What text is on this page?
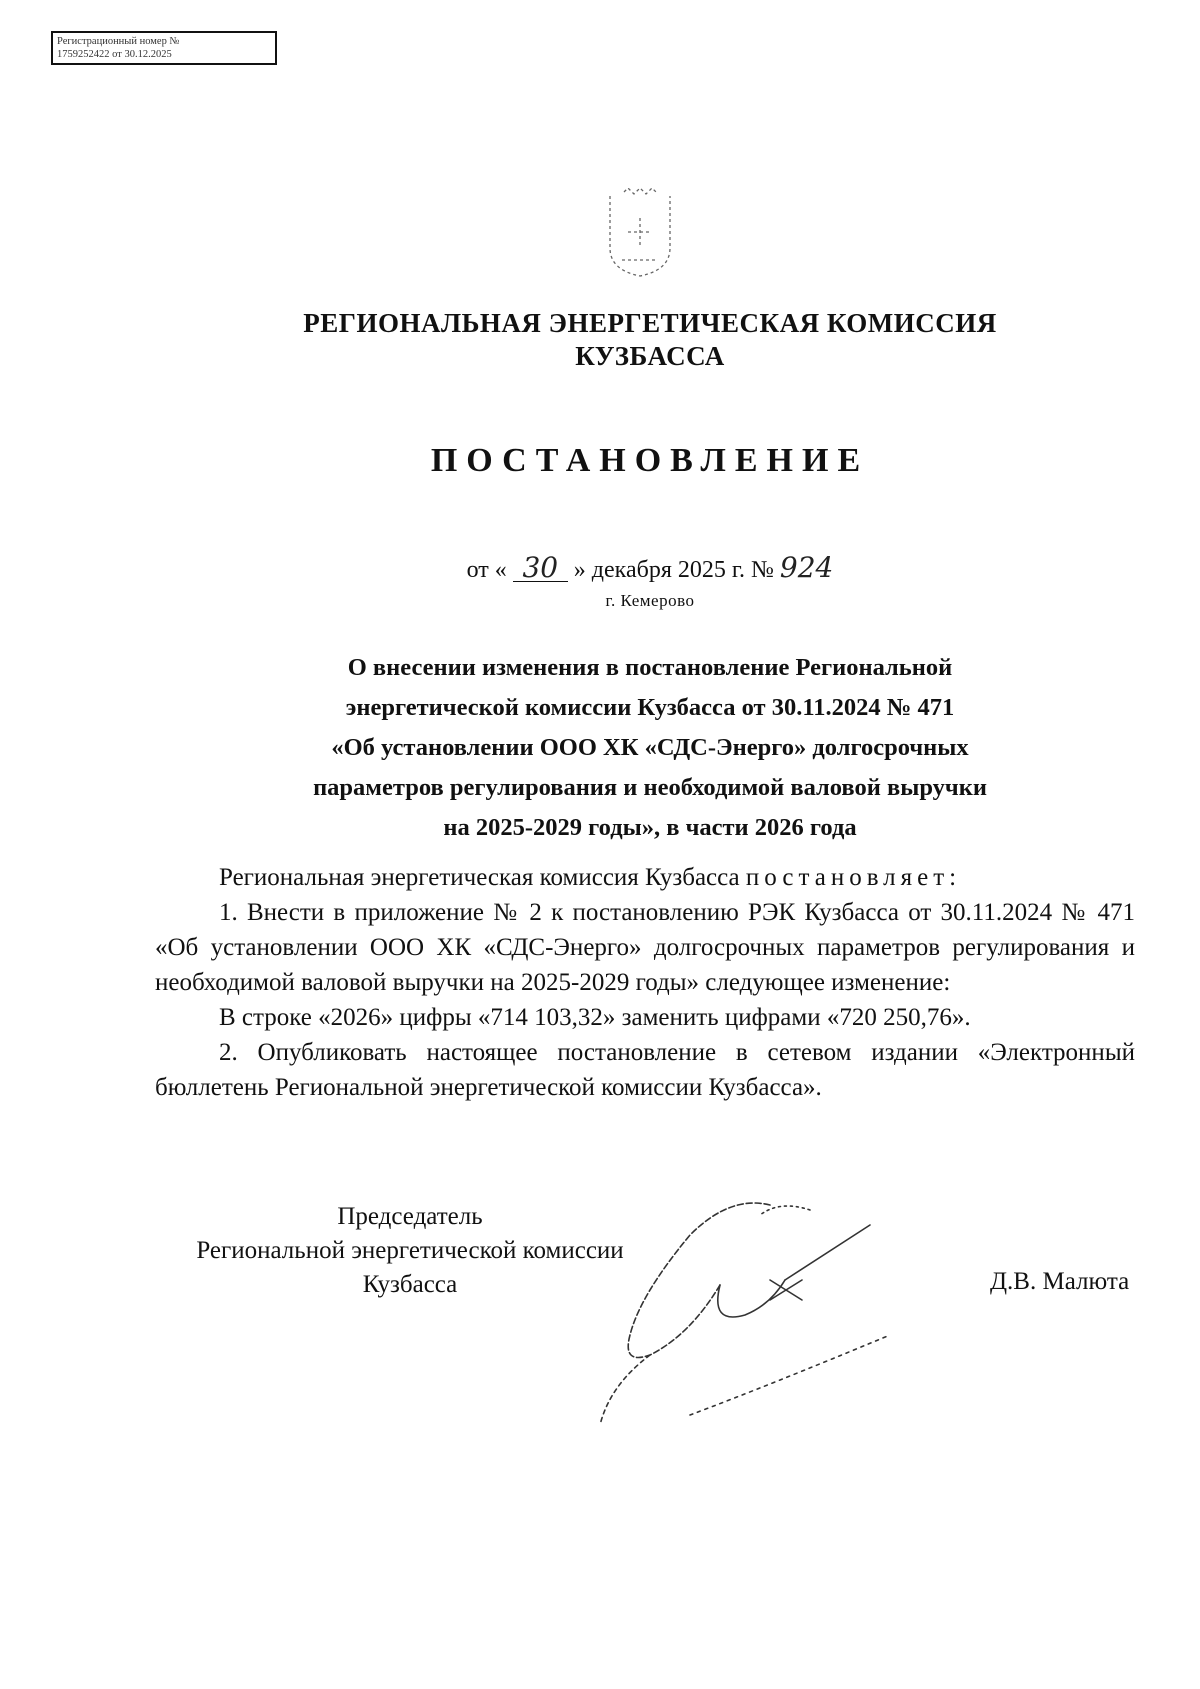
Регистрационный номер №
1759252422 от 30.12.2025
РЕГИОНАЛЬНАЯ ЭНЕРГЕТИЧЕСКАЯ КОМИССИЯ
КУЗБАССА
ПОСТАНОВЛЕНИЕ
от « 30 » декабря 2025 г. № 924
г. Кемерово
О внесении изменения в постановление Региональной
энергетической комиссии Кузбасса от 30.11.2024 № 471
«Об установлении ООО ХК «СДС-Энерго» долгосрочных
параметров регулирования и необходимой валовой выручки
на 2025-2029 годы», в части 2026 года

Региональная энергетическая комиссия Кузбасса постановляет:

1. Внести в приложение № 2 к постановлению РЭК Кузбасса от 30.11.2024 № 471 «Об установлении ООО ХК «СДС-Энерго» долгосрочных параметров регулирования и необходимой валовой выручки на 2025-2029 годы» следующее изменение:

В строке «2026» цифры «714 103,32» заменить цифрами «720 250,76».

2. Опубликовать настоящее постановление в сетевом издании «Электронный бюллетень Региональной энергетической комиссии Кузбасса».

Председатель
Региональной энергетической комиссии
Кузбасса	Д.В. Малюта
